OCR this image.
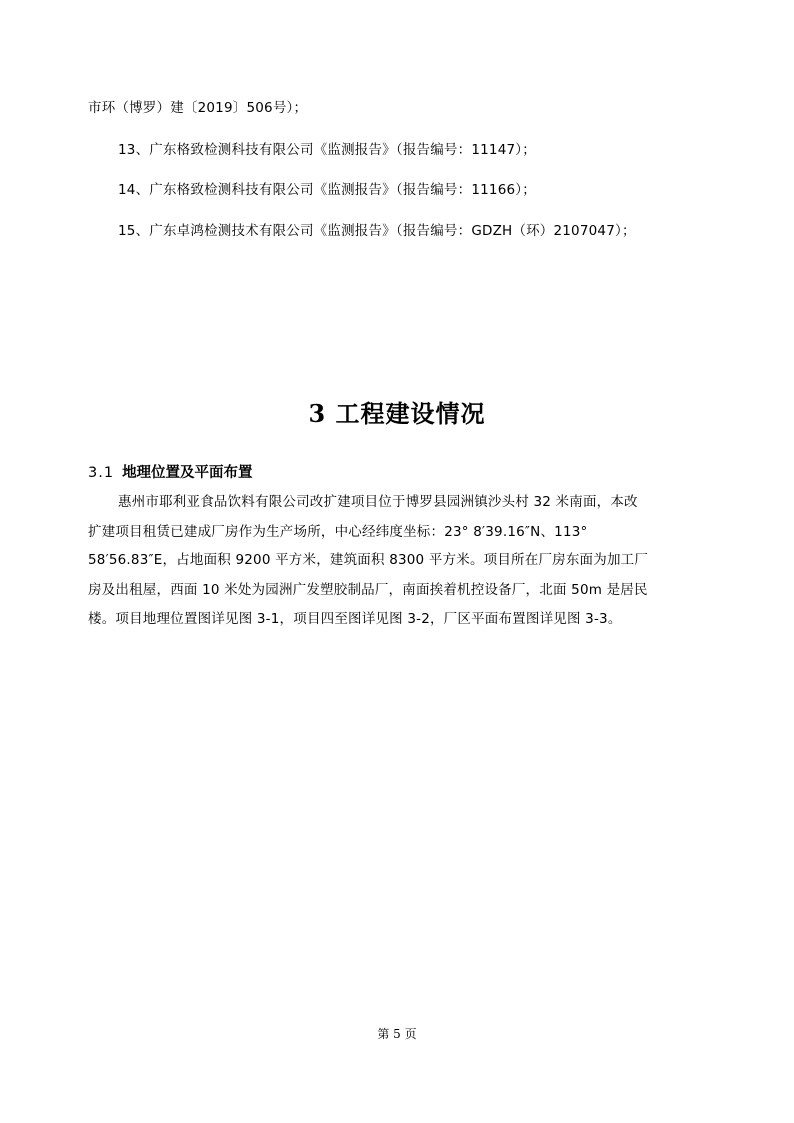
市环（博罗）建〔2019〕506号）；
13、广东格致检测科技有限公司《监测报告》（报告编号：11147）；
14、广东格致检测科技有限公司《监测报告》（报告编号：11166）；
15、广东卓鸿检测技术有限公司《监测报告》（报告编号：GDZH（环）2107047）；
3 工程建设情况
3.1 地理位置及平面布置
惠州市耶利亚食品饮料有限公司改扩建项目位于博罗县园洲镇沙头村 32 米南面，本改
扩建项目租赁已建成厂房作为生产场所，中心经纬度坐标：23° 8′39.16″N、113°
58′56.83″E，占地面积 9200 平方米，建筑面积 8300 平方米。项目所在厂房东面为加工厂
房及出租屋，西面 10 米处为园洲广发塑胶制品厂，南面挨着机控设备厂，北面 50m 是居民
楼。项目地理位置图详见图 3-1，项目四至图详见图 3-2，厂区平面布置图详见图 3-3。
第 5 页
